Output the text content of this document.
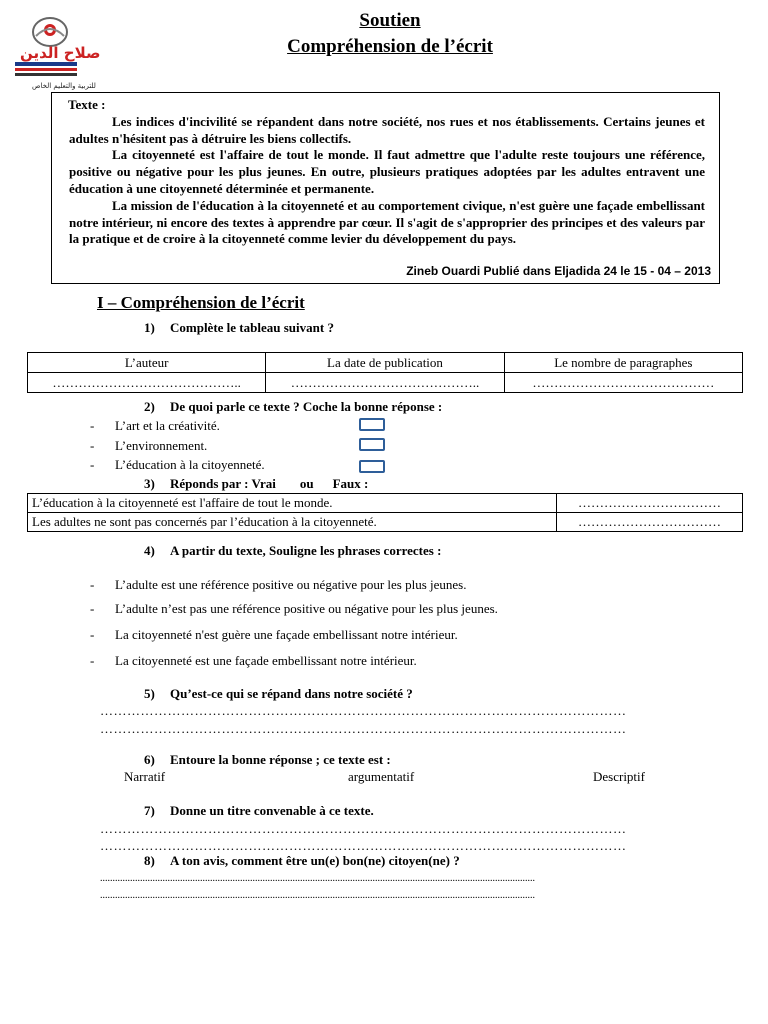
ﺻﻼﺡ ﺍﻟﺪﻳﻦ
للتربية والتعليم الخاص
Soutien
Compréhension de l’écrit
Texte :

Les indices d'incivilité se répandent dans notre société, nos rues et nos établissements. Certains jeunes et adultes n'hésitent pas à détruire les biens collectifs.

La citoyenneté est l'affaire de tout le monde. Il faut admettre que l'adulte reste toujours une référence, positive ou négative pour les plus jeunes. En outre, plusieurs pratiques adoptées par les adultes entravent une éducation à une citoyenneté déterminée et permanente.

La mission de l'éducation à la citoyenneté et au comportement civique, n'est guère une façade embellissant notre intérieur, ni encore des textes à apprendre par cœur. Il s'agit de s'approprier des principes et des valeurs par la pratique et de croire à la citoyenneté comme levier du développement du pays.

Zineb Ouardi Publié dans Eljadida 24 le 15 - 04 – 2013
I – Compréhension de l’écrit
1) Complète le tableau suivant ?
L’auteur	La date de publication	Le nombre de paragraphes
……………………………………..	……………………………………..	……………………………………
2) De quoi parle ce texte ? Coche la bonne réponse :
- L’art et la créativité.
- L’environnement.
- L’éducation à la citoyenneté.
3) Réponds par : Vrai ou Faux :
L’éducation à la citoyenneté est l'affaire de tout le monde.	……………………………
Les adultes ne sont pas concernés par l’éducation à la citoyenneté.	……………………………
4) A partir du texte, Souligne les phrases correctes :
- L’adulte est une référence positive ou négative pour les plus jeunes.
- L’adulte n’est pas une référence positive ou négative pour les plus jeunes.
- La citoyenneté n'est guère une façade embellissant notre intérieur.
- La citoyenneté est une façade embellissant notre intérieur.
5) Qu’est-ce qui se répand dans notre société ?
………………………………………………………………………………………………………
………………………………………………………………………………………………………
6) Entoure la bonne réponse ; ce texte est :
Narratif	argumentatif	Descriptif
7) Donne un titre convenable à ce texte.
………………………………………………………………………………………………………
………………………………………………………………………………………………………
8) A ton avis, comment être un(e) bon(ne) citoyen(ne) ?
..............................................................................................................................................................................
..............................................................................................................................................................................
